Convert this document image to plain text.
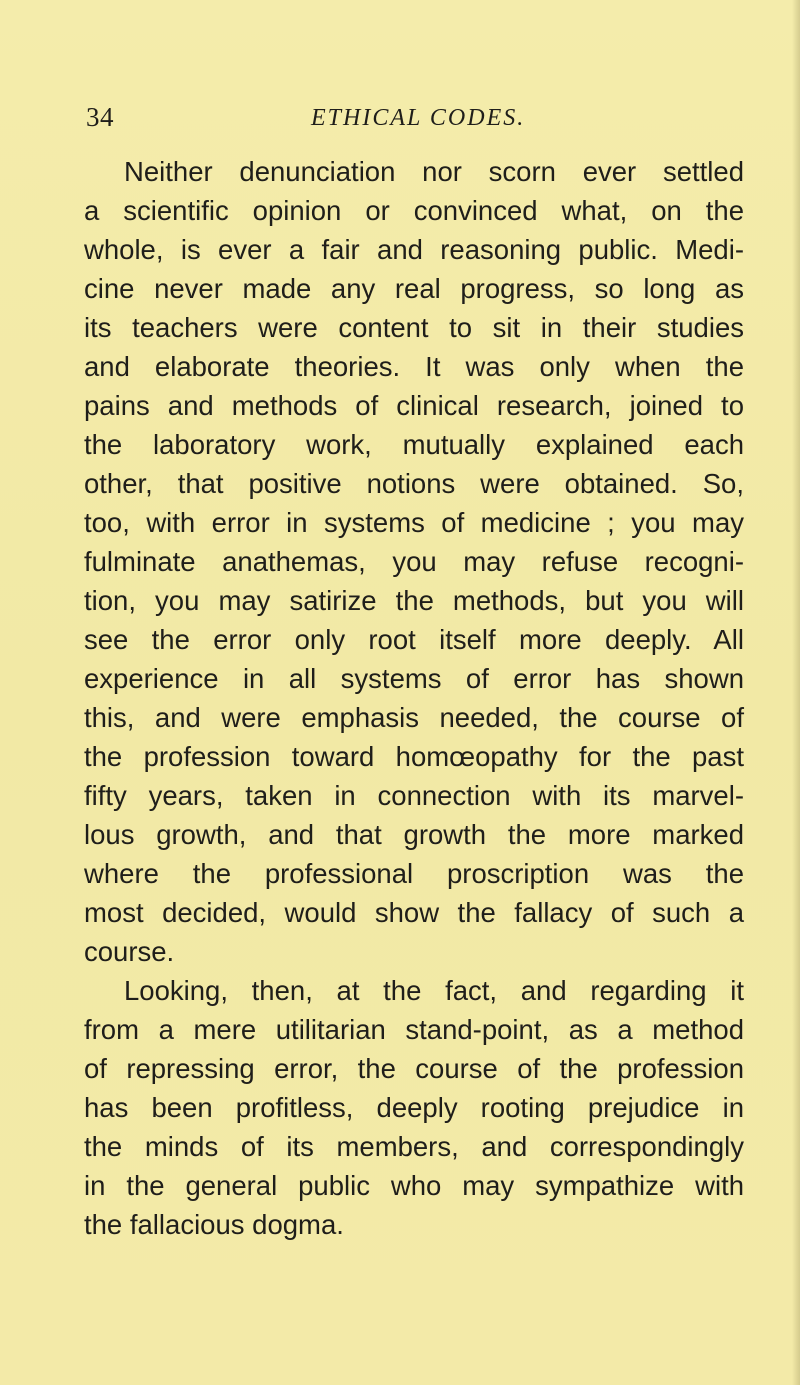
34	ETHICAL CODES.
Neither denunciation nor scorn ever settled
a scientific opinion or convinced what, on the
whole, is ever a fair and reasoning public. Medi-
cine never made any real progress, so long as
its teachers were content to sit in their studies
and elaborate theories. It was only when the
pains and methods of clinical research, joined to
the laboratory work, mutually explained each
other, that positive notions were obtained. So,
too, with error in systems of medicine ; you may
fulminate anathemas, you may refuse recogni-
tion, you may satirize the methods, but you will
see the error only root itself more deeply. All
experience in all systems of error has shown
this, and were emphasis needed, the course of
the profession toward homœopathy for the past
fifty years, taken in connection with its marvel-
lous growth, and that growth the more marked
where the professional proscription was the
most decided, would show the fallacy of such a
course.
Looking, then, at the fact, and regarding it
from a mere utilitarian stand-point, as a method
of repressing error, the course of the profession
has been profitless, deeply rooting prejudice in
the minds of its members, and correspondingly
in the general public who may sympathize with
the fallacious dogma.
